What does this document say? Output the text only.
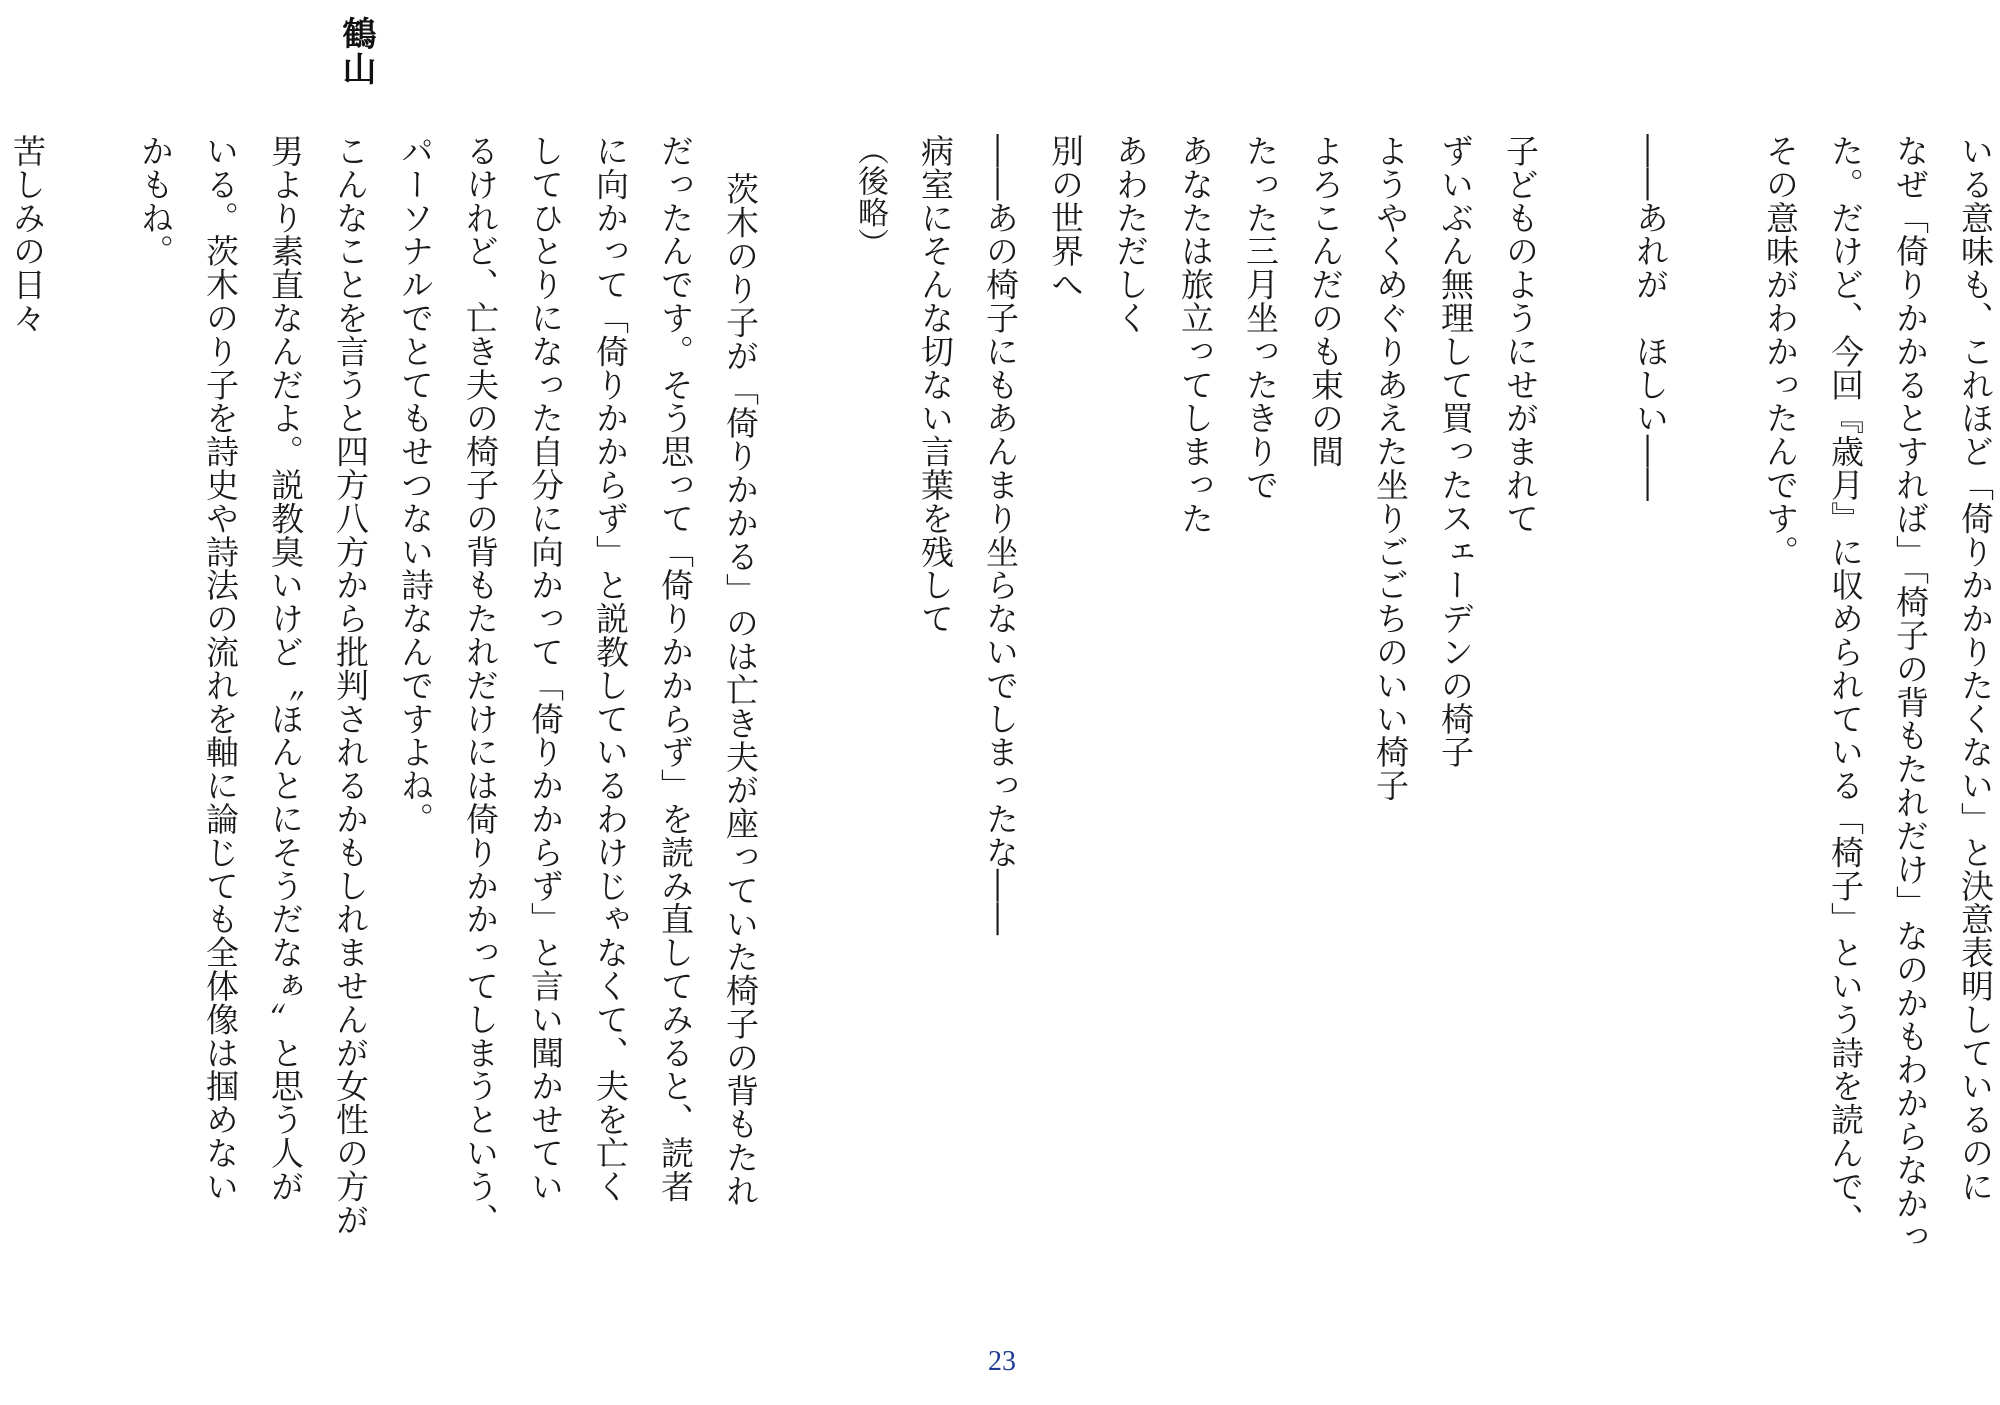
いる意味も、これほど「倚りかかりたくない」と決意表明しているのに
なぜ「倚りかかるとすれば」「椅子の背もたれだけ」なのかもわからなかっ
た。だけど、今回『歳月』に収められている「椅子」という詩を読んで、
その意味がわかったんです。
――あれが　ほしい――
子どものようにせがまれて
ずいぶん無理して買ったスェーデンの椅子
ようやくめぐりあえた坐りごごちのいい椅子
よろこんだのも束の間
たった三月坐ったきりで
あなたは旅立ってしまった
あわただしく
別の世界へ
――あの椅子にもあんまり坐らないでしまったな――
病室にそんな切ない言葉を残して
（後略）
茨木のり子が「倚りかかる」のは亡き夫が座っていた椅子の背もたれ
だったんです。そう思って「倚りかからず」を読み直してみると、読者
に向かって「倚りかからず」と説教しているわけじゃなくて、夫を亡く
してひとりになった自分に向かって「倚りかからず」と言い聞かせてい
るけれど、亡き夫の椅子の背もたれだけには倚りかかってしまうという、
パーソナルでとてもせつない詩なんですよね。
鶴山
こんなことを言うと四方八方から批判されるかもしれませんが女性の方が
男より素直なんだよ。説教臭いけど〝ほんとにそうだなぁ〟と思う人が
いる。茨木のり子を詩史や詩法の流れを軸に論じても全体像は掴めない
かもね。
苦しみの日々
23
